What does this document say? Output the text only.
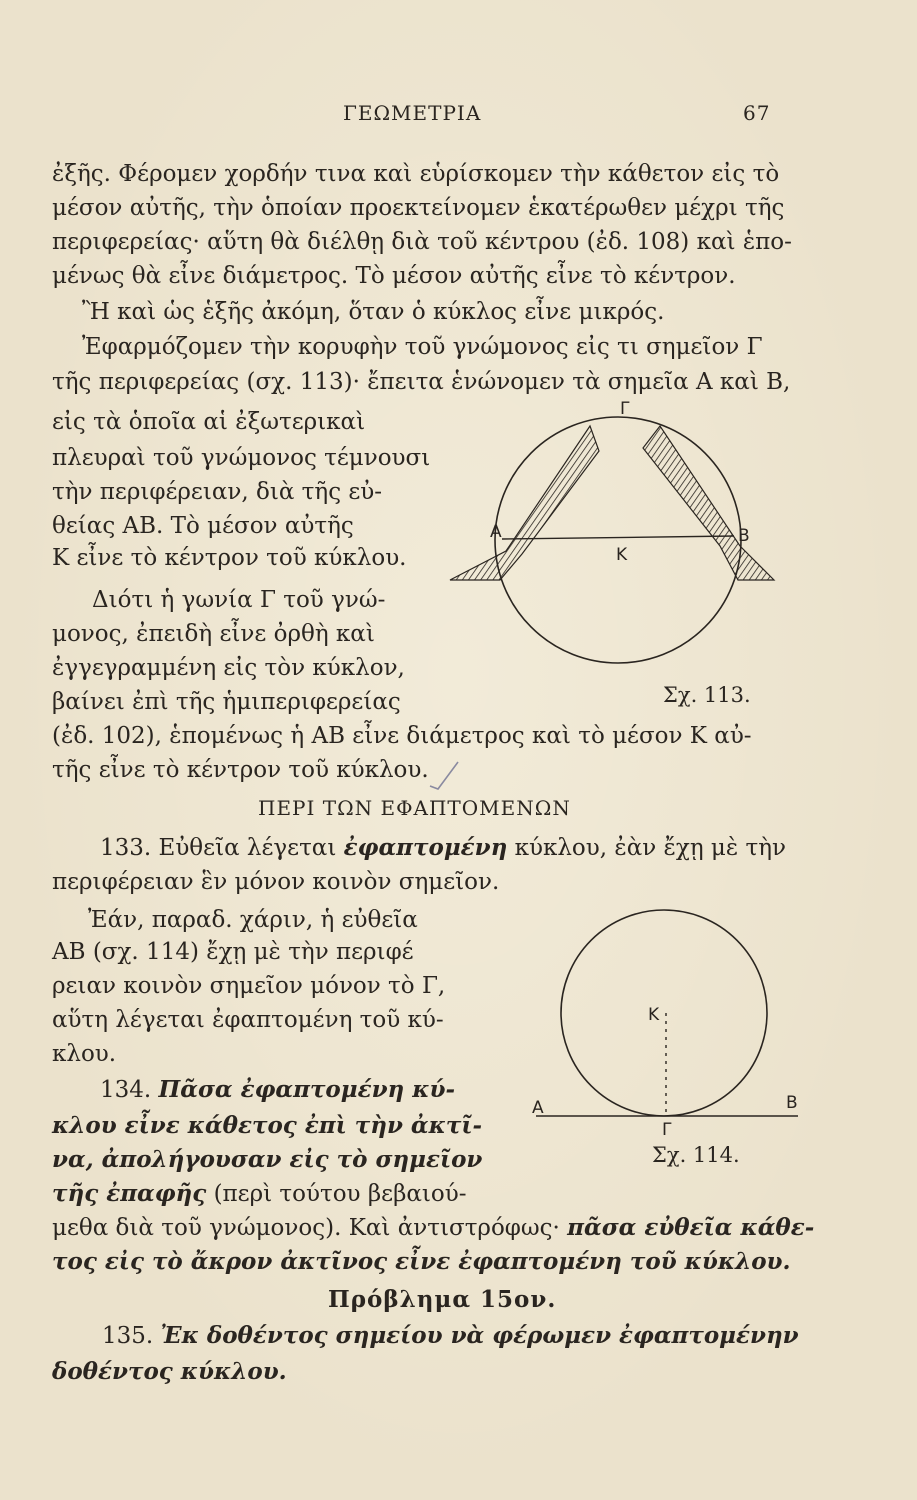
ΓΕΩΜΕΤΡΙΑ	67
ἐξῆς. Φέρομεν χορδήν τινα καὶ εὑρίσκομεν τὴν κάθετον εἰς τὸ
μέσον αὐτῆς, τὴν ὁποίαν προεκτείνομεν ἑκατέρωθεν μέχρι τῆς
περιφερείας· αὕτη θὰ διέλθῃ διὰ τοῦ κέντρου (ἐδ. 108) καὶ ἑπο-
μένως θὰ εἶνε διάμετρος. Τὸ μέσον αὐτῆς εἶνε τὸ κέντρον.
Ἢ καὶ ὡς ἑξῆς ἀκόμη, ὅταν ὁ κύκλος εἶνε μικρός.
Ἐφαρμόζομεν τὴν κορυφὴν τοῦ γνώμονος εἰς τι σημεῖον Γ
τῆς περιφερείας (σχ. 113)· ἔπειτα ἑνώνομεν τὰ σημεῖα Α καὶ Β,
εἰς τὰ ὁποῖα αἱ ἐξωτερικαὶ
πλευραὶ τοῦ γνώμονος τέμνουσι
τὴν περιφέρειαν, διὰ τῆς εὐ-
θείας ΑΒ. Τὸ μέσον αὐτῆς
Κ εἶνε τὸ κέντρον τοῦ κύκλου.
Διότι ἡ γωνία Γ τοῦ γνώ-
μονος, ἐπειδὴ εἶνε ὀρθὴ καὶ
ἐγγεγραμμένη εἰς τὸν κύκλον,
βαίνει ἐπὶ τῆς ἡμιπεριφερείας
(ἐδ. 102), ἑπομένως ἡ ΑΒ εἶνε διάμετρος καὶ τὸ μέσον Κ αὐ-
τῆς εἶνε τὸ κέντρον τοῦ κύκλου.
Γ
A	B
K
Σχ. 113.
ΠΕΡΙ ΤΩΝ ΕΦΑΠΤΟΜΕΝΩΝ
133. Εὐθεῖα λέγεται ἐφαπτομένη κύκλου, ἐὰν ἔχῃ μὲ τὴν
περιφέρειαν ἓν μόνον κοινὸν σημεῖον.
Ἐάν, παραδ. χάριν, ἡ εὐθεῖα
ΑΒ (σχ. 114) ἔχῃ μὲ τὴν περιφέ
ρειαν κοινὸν σημεῖον μόνον τὸ Γ,
αὕτη λέγεται ἐφαπτομένη τοῦ κύ-
κλου.
134. Πᾶσα ἐφαπτομένη κύ-
κλου εἶνε κάθετος ἐπὶ τὴν ἀκτῖ-
να, ἀπολήγουσαν εἰς τὸ σημεῖον
τῆς ἐπαφῆς (περὶ τούτου βεβαιού-
μεθα διὰ τοῦ γνώμονος). Καὶ ἀντιστρόφως· πᾶσα εὐθεῖα κάθε-
τος εἰς τὸ ἄκρον ἀκτῖνος εἶνε ἐφαπτομένη τοῦ κύκλου.
K
A	B
Γ
Σχ. 114.
Πρόβλημα 15ον.
135. Ἐκ δοθέντος σημείου νὰ φέρωμεν ἐφαπτομένην
δοθέντος κύκλου.
